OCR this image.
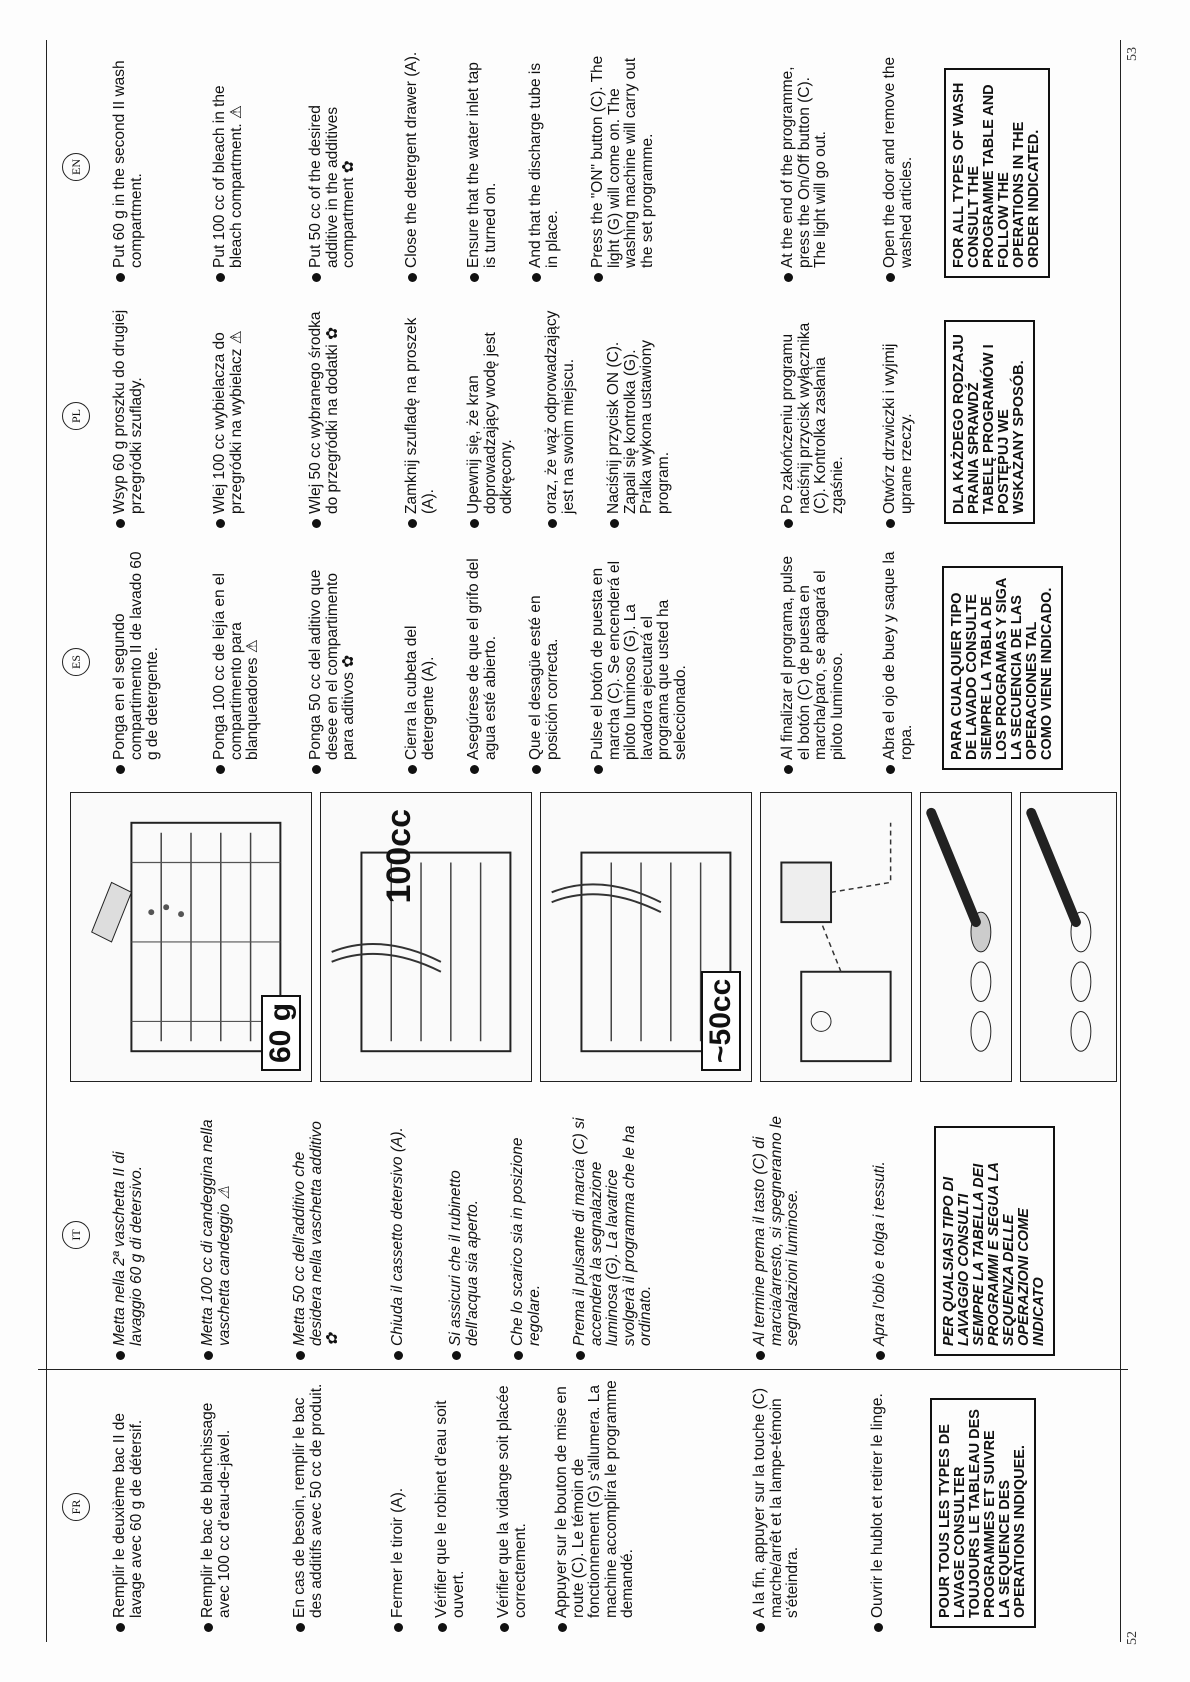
52
53
FR	Remplir le deuxième bac II de lavage avec 60 g de détersif.	Remplir le bac de blanchissage avec 100 cc d'eau-de-javel.	En cas de besoin, remplir le bac des additifs avec 50 cc de produit.	Fermer le tiroir (A). Vérifier que le robinet d'eau soit ouvert. Vérifier que la vidange soit placée correctement. Appuyer sur le bouton de mise en route (C). Le témoin de fonctionnement (G) s'allumera. La machine accomplira le programme demandé.	A la fin, appuyer sur la touche (C) marche/arrêt et la lampe-témoin s'éteindra.	Ouvrir le hublot et retirer le linge.	POUR TOUS LES TYPES DE LAVAGE CONSULTER TOUJOURS LE TABLEAU DES PROGRAMMES ET SUIVRE LA SEQUENCE DES OPERATIONS INDIQUEE.
IT	Metta nella 2ª vaschetta II di lavaggio 60 g di detersivo.	Metta 100 cc di candeggina nella vaschetta candeggio ⚠	Metta 50 cc dell'additivo che desidera nella vaschetta additivo ✿	Chiuda il cassetto detersivo (A).	Si assicuri che il rubinetto dell'acqua sia aperto. Che lo scarico sia in posizione regolare. Prema il pulsante di marcia (C) si accenderà la segnalazione luminosa (G). La lavatrice svolgerà il programma che le ha ordinato.	Al termine prema il tasto (C) di marcia/arresto, si spegneranno le segnalazioni luminose.	Apra l'oblò e tolga i tessuti.	PER QUALSIASI TIPO DI LAVAGGIO CONSULTI SEMPRE LA TABELLA DEI PROGRAMMI E SEGUA LA SEQUENZA DELLE OPERAZIONI COME INDICATO
60 g
100cc
~50cc
ES	Ponga en el segundo compartimento II de lavado 60 g de detergente.	Ponga 100 cc de lejía en el compartimento para blanqueadores ⚠	Ponga 50 cc del aditivo que desee en el compartimento para aditivos ✿	Cierra la cubeta del detergente (A). Asegúrese de que el grifo del agua esté abierto. Que el desagüe esté en posición correcta. Pulse el botón de puesta en marcha (C). Se encenderá el piloto luminoso (G). La lavadora ejecutará el programa que usted ha seleccionado.	Al finalizar el programa, pulse el botón (C) de puesta en marcha/paro, se apagará el piloto luminoso. Abra el ojo de buey y saque la ropa.	PARA CUALQUIER TIPO DE LAVADO CONSULTE SIEMPRE LA TABLA DE LOS PROGRAMAS Y SIGA LA SECUENCIA DE LAS OPERACIONES TAL COMO VIENE INDICADO.
PL	Wsyp 60 g proszku do drugiej przegródki szuflady.	Wlej 100 cc wybielacza do przegródki na wybielacz ⚠	Wlej 50 cc wybranego środka do przegródki na dodatki ✿	Zamknij szufladę na proszek (A). Upewnij się, że kran doprowadzający wodę jest odkręcony. oraz, że wąż odprowadzający jest na swoim miejscu. Naciśnij przycisk ON (C). Zapali się kontrolka (G). Pralka wykona ustawiony program.	Po zakończeniu programu naciśnij przycisk wyłącznika (C). Kontrolka zasłania zgaśnie. Otwórz drzwiczki i wyjmij uprane rzeczy.	DLA KAŻDEGO RODZAJU PRANIA SPRAWDŹ TABELĘ PROGRAMÓW I POSTĘPUJ WE WSKAZANY SPOSÓB.
EN	Put 60 g in the second II wash compartment.	Put 100 cc of bleach in the bleach compartment. ⚠	Put 50 cc of the desired additive in the additives compartment ✿	Close the detergent drawer (A).	Ensure that the water inlet tap is turned on. And that the discharge tube is in place. Press the "ON" button (C). The light (G) will come on. The washing machine will carry out the set programme.	At the end of the programme, press the On/Off button (C). The light will go out.	Open the door and remove the washed articles.	FOR ALL TYPES OF WASH CONSULT THE PROGRAMME TABLE AND FOLLOW THE OPERATIONS IN THE ORDER INDICATED.
